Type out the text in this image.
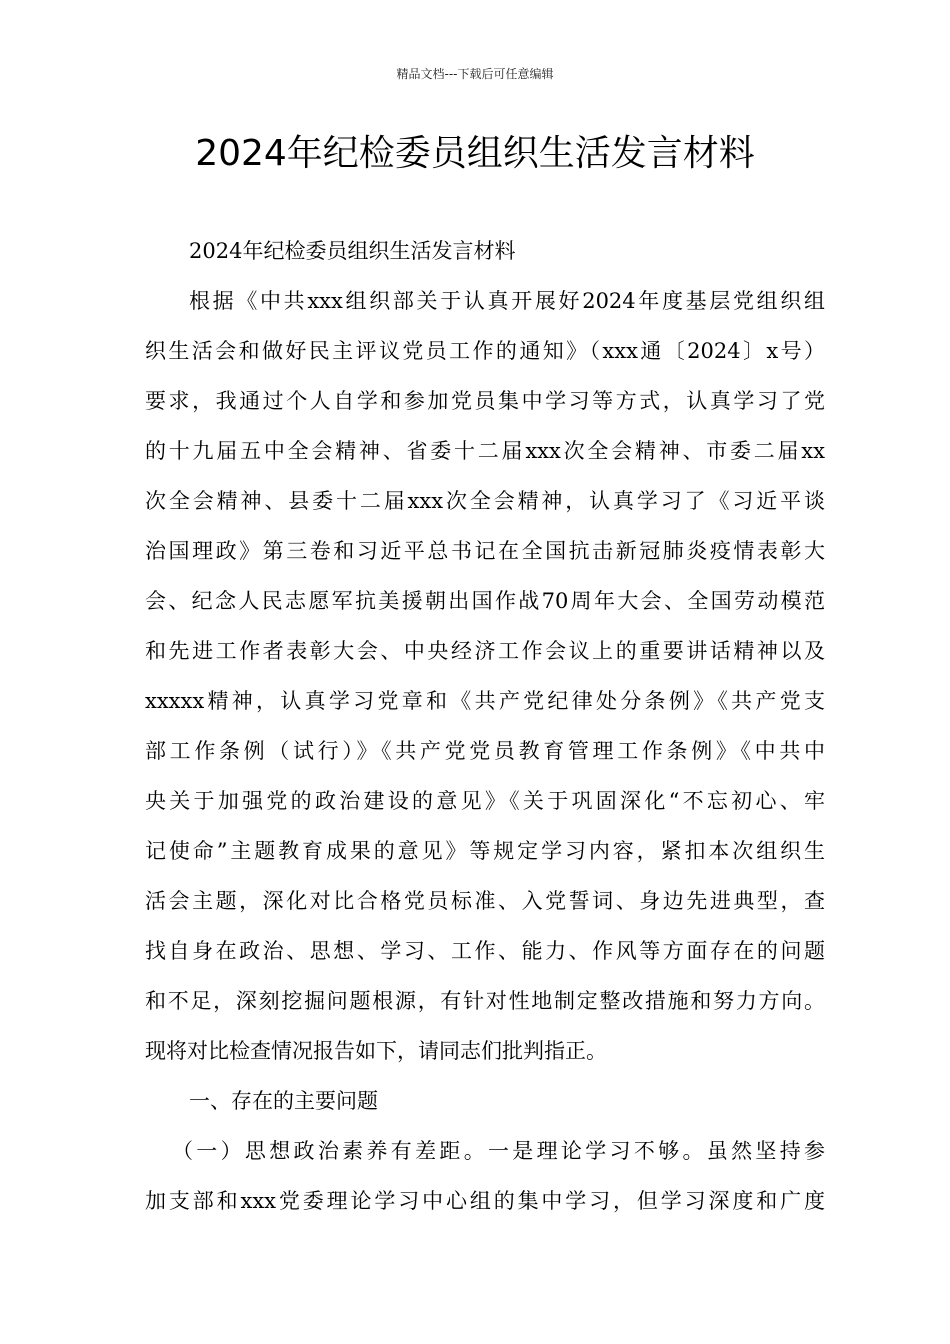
精品文档---下载后可任意编辑
2024年纪检委员组织生活发言材料
2024年纪检委员组织生活发言材料
根据《中共xxx组织部关于认真开展好2024年度基层党组织组
织生活会和做好民主评议党员工作的通知》（xxx通〔2024〕x号）
要求，我通过个人自学和参加党员集中学习等方式，认真学习了党
的十九届五中全会精神、省委十二届xxx次全会精神、市委二届xx
次全会精神、县委十二届xxx次全会精神，认真学习了《习近平谈
治国理政》第三卷和习近平总书记在全国抗击新冠肺炎疫情表彰大
会、纪念人民志愿军抗美援朝出国作战70周年大会、全国劳动模范
和先进工作者表彰大会、中央经济工作会议上的重要讲话精神以及
xxxxx精神，认真学习党章和《共产党纪律处分条例》《共产党支
部工作条例（试行）》《共产党党员教育管理工作条例》《中共中
央关于加强党的政治建设的意见》《关于巩固深化“不忘初心、牢
记使命”主题教育成果的意见》等规定学习内容，紧扣本次组织生
活会主题，深化对比合格党员标准、入党誓词、身边先进典型，查
找自身在政治、思想、学习、工作、能力、作风等方面存在的问题
和不足，深刻挖掘问题根源，有针对性地制定整改措施和努力方向。
现将对比检查情况报告如下，请同志们批判指正。
一、存在的主要问题
（一）思想政治素养有差距。一是理论学习不够。虽然坚持参
加支部和xxx党委理论学习中心组的集中学习，但学习深度和广度
